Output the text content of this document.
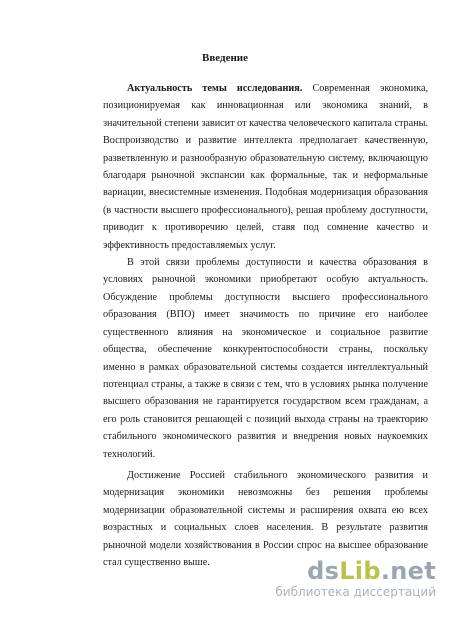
Введение

Актуальность темы исследования. Современная экономика, позиционируемая как инновационная или экономика знаний, в значительной степени зависит от качества человеческого капитала страны. Воспроизводство и развитие интеллекта предполагает качественную, разветвленную и разнообразную образовательную систему, включающую благодаря рыночной экспансии как формальные, так и неформальные вариации, внесистемные изменения. Подобная модернизация образования (в частности высшего профессионального), решая проблему доступности, приводит к противоречию целей, ставя под сомнение качество и эффективность предоставляемых услуг.

В этой связи проблемы доступности и качества образования в условиях рыночной экономики приобретают особую актуальность. Обсуждение проблемы доступности высшего профессионального образования (ВПО) имеет значимость по причине его наиболее существенного влияния на экономическое и социальное развитие общества, обеспечение конкурентоспособности страны, поскольку именно в рамках образовательной системы создается интеллектуальный потенциал страны, а также в связи с тем, что в условиях рынка получение высшего образования не гарантируется государством всем гражданам, а его роль становится решающей с позиций выхода страны на траекторию стабильного экономического развития и внедрения новых наукоемких технологий.

Достижение Россией стабильного экономического развития и модернизация экономики невозможны без решения проблемы модернизации образовательной системы и расширения охвата ею всех возрастных и социальных слоев населения. В результате развития рыночной модели хозяйствования в России спрос на высшее образование стал существенно выше.	dsLib.net
библиотека диссертаций
